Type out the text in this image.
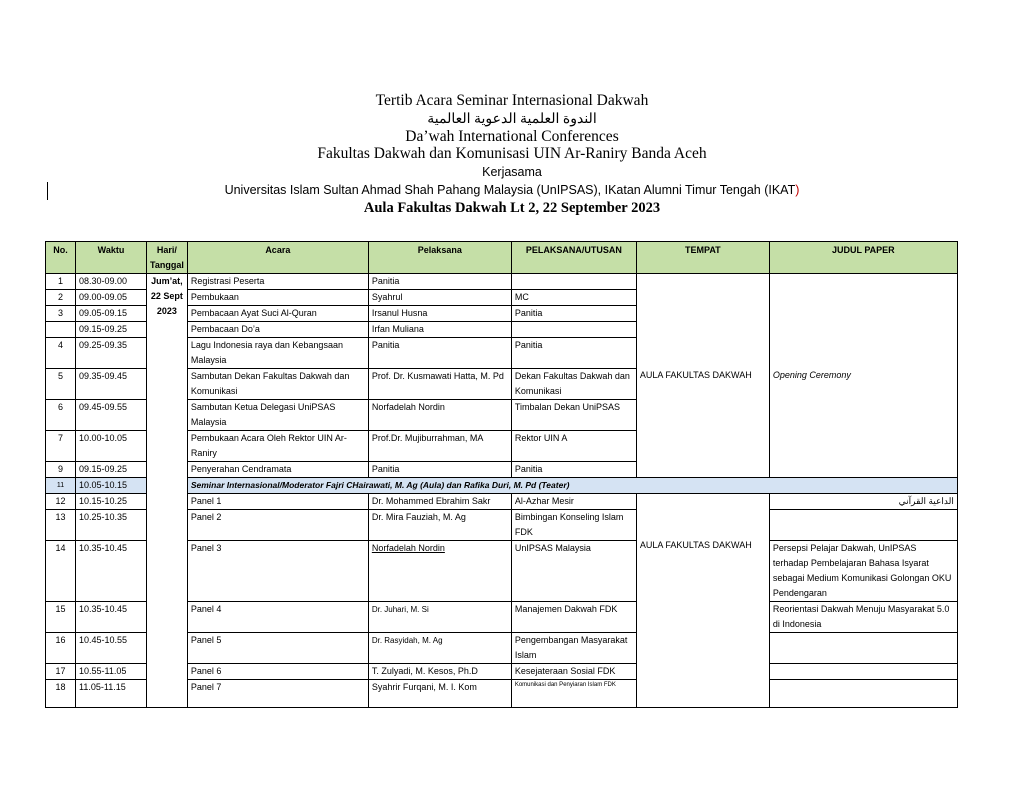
Tertib Acara Seminar Internasional Dakwah
الندوة العلمية الدعوية العالمية
Da’wah International Conferences
Fakultas Dakwah dan Komunisasi UIN Ar-Raniry Banda Aceh
Kerjasama
Universitas Islam Sultan Ahmad Shah Pahang Malaysia (UnIPSAS), IKatan Alumni Timur Tengah (IKAT)
Aula Fakultas Dakwah Lt 2, 22 September 2023
No.	Waktu	Hari/ Tanggal	Acara	Pelaksana	PELAKSANA/UTUSAN	TEMPAT	JUDUL PAPER
1	08.30-09.00	Jum’at, 22 Sept 2023	Registrasi Peserta	Panitia		AULA FAKULTAS DAKWAH	Opening Ceremony
2	09.00-09.05		Pembukaan	Syahrul	MC		
3	09.05-09.15		Pembacaan Ayat Suci Al-Quran	Irsanul Husna	Panitia		
	09.15-09.25		Pembacaan Do’a	Irfan Muliana			
4	09.25-09.35		Lagu Indonesia raya dan Kebangsaan Malaysia	Panitia	Panitia		
5	09.35-09.45		Sambutan Dekan Fakultas Dakwah dan Komunikasi	Prof. Dr. Kusmawati Hatta, M. Pd	Dekan Fakultas Dakwah dan Komunikasi		
6	09.45-09.55		Sambutan Ketua Delegasi UniPSAS Malaysia	Norfadelah Nordin	Timbalan Dekan UniPSAS		
7	10.00-10.05		Pembukaan Acara Oleh Rektor UIN Ar-Raniry	Prof.Dr. Mujiburrahman, MA	Rektor UIN A		
9	09.15-09.25		Penyerahan Cendramata	Panitia	Panitia		
11	10.05-10.15		Seminar Internasional/Moderator Fajri CHairawati, M. Ag (Aula) dan Rafika Duri, M. Pd (Teater)				
12	10.15-10.25		Panel 1	Dr. Mohammed Ebrahim Sakr	Al-Azhar Mesir	AULA FAKULTAS DAKWAH	الداعية القرآني
13	10.25-10.35		Panel 2	Dr. Mira Fauziah, M. Ag	Bimbingan Konseling Islam FDK		
14	10.35-10.45		Panel 3	Norfadelah Nordin	UnIPSAS Malaysia		Persepsi Pelajar Dakwah, UnIPSAS terhadap Pembelajaran Bahasa Isyarat sebagai Medium Komunikasi Golongan OKU Pendengaran
15	10.35-10.45		Panel 4	Dr. Juhari, M. Si	Manajemen Dakwah FDK		Reorientasi Dakwah Menuju Masyarakat 5.0 di Indonesia
16	10.45-10.55		Panel 5	Dr. Rasyidah, M. Ag	Pengembangan Masyarakat Islam		
17	10.55-11.05		Panel 6	T. Zulyadi, M. Kesos, Ph.D	Kesejateraan Sosial FDK		
18	11.05-11.15		Panel 7	Syahrir Furqani, M. I. Kom	Komunikasi dan Penyiaran Islam FDK		
